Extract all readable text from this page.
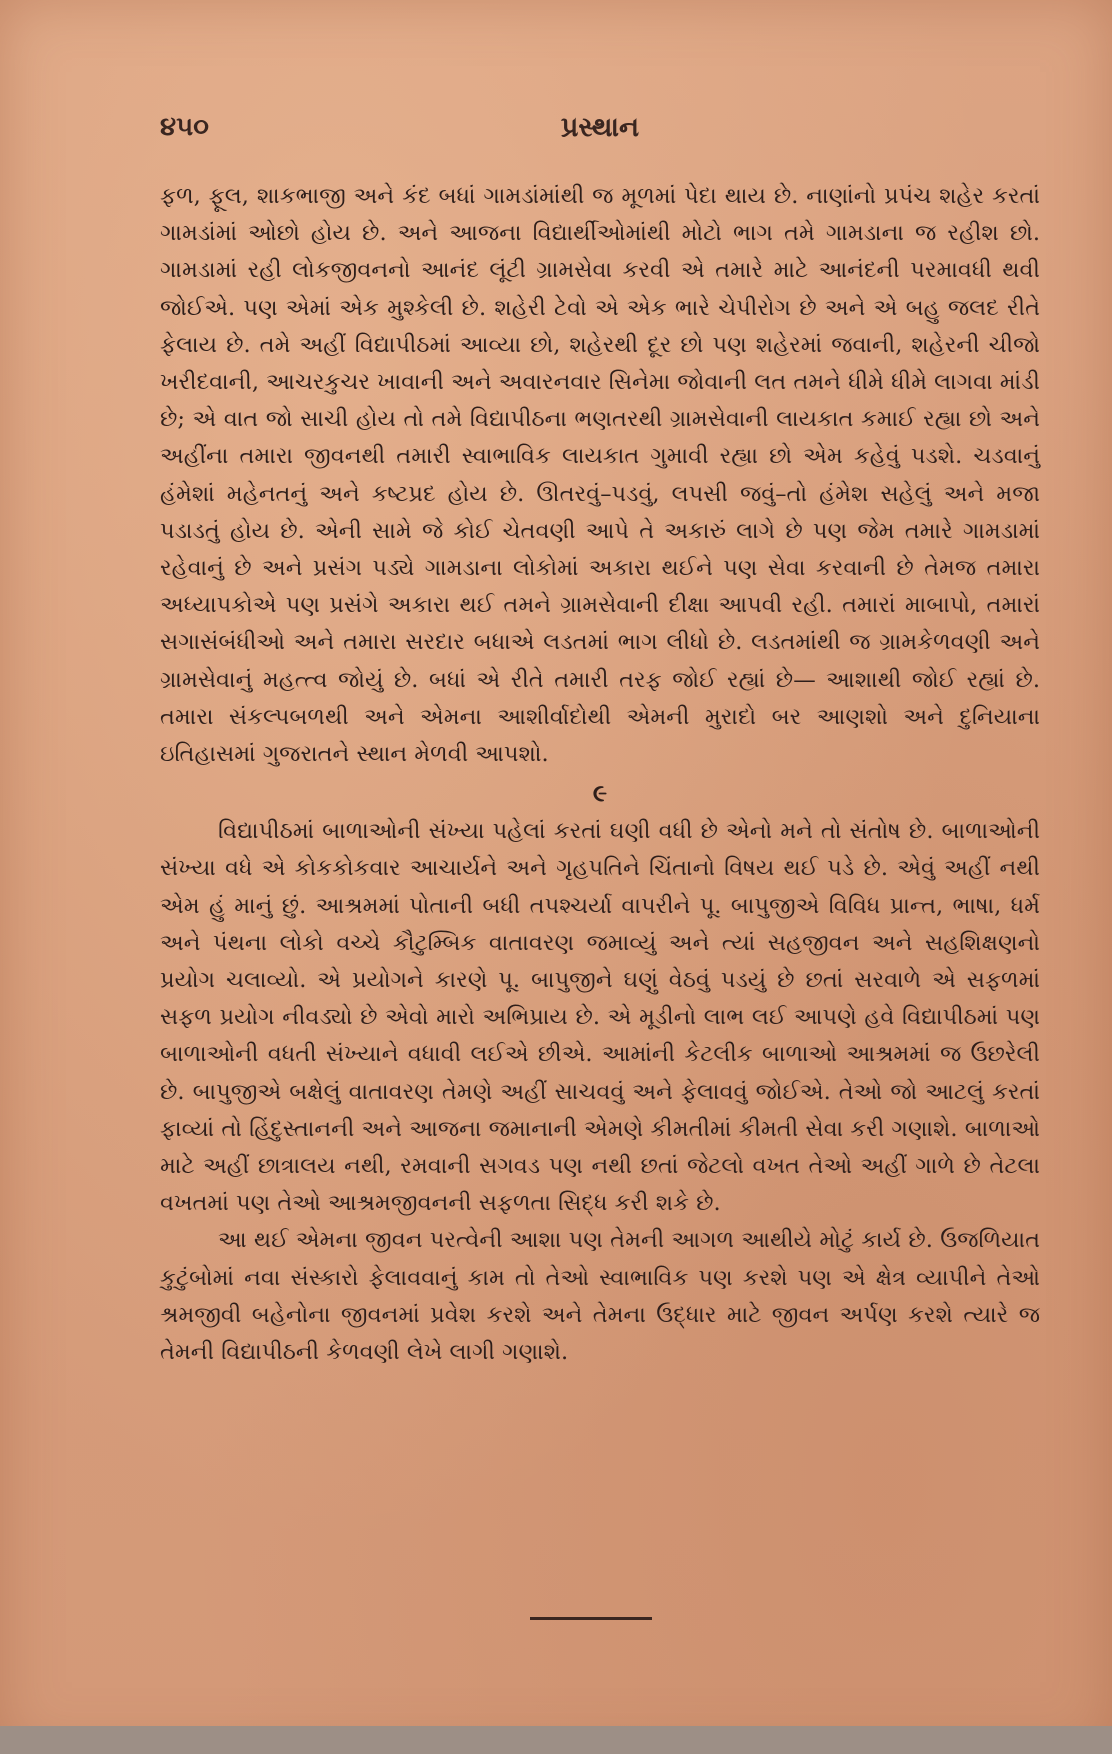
૪૫૦	પ્રસ્થાન

ફળ, ફૂલ, શાકભાજી અને કંદ બધાં ગામડાંમાંથી જ મૂળમાં પેદા થાય છે. નાણાંનો પ્રપંચ શહેર કરતાં ગામડાંમાં ઓછો હોય છે. અને આજના વિદ્યાર્થીઓમાંથી મોટો ભાગ તમે ગામડાના જ રહીશ છો. ગામડામાં રહી લોકજીવનનો આનંદ લૂંટી ગ્રામસેવા કરવી એ તમારે માટે આનંદની પરમાવધી થવી જોઈએ. પણ એમાં એક મુશ્કેલી છે. શહેરી ટેવો એ એક ભારે ચેપીરોગ છે અને એ બહુ જલદ રીતે ફેલાય છે. તમે અહીં વિદ્યાપીઠમાં આવ્યા છો, શહેરથી દૂર છો પણ શહેરમાં જવાની, શહેરની ચીજો ખરીદવાની, આચરકુચર ખાવાની અને અવારનવાર સિનેમા જોવાની લત તમને ધીમે ધીમે લાગવા માંડી છે; એ વાત જો સાચી હોય તો તમે વિદ્યાપીઠના ભણતરથી ગ્રામસેવાની લાયકાત કમાઈ રહ્યા છો અને અહીંના તમારા જીવનથી તમારી સ્વાભાવિક લાયકાત ગુમાવી રહ્યા છો એમ કહેવું પડશે. ચડવાનું હંમેશાં મહેનતનું અને કષ્ટપ્રદ હોય છે. ઊતરવું–પડવું, લપસી જવું–તો હંમેશ સહેલું અને મજા પડાડતું હોય છે. એની સામે જે કોઈ ચેતવણી આપે તે અકારું લાગે છે પણ જેમ તમારે ગામડામાં રહેવાનું છે અને પ્રસંગ પડ્યે ગામડાના લોકોમાં અકારા થઈને પણ સેવા કરવાની છે તેમજ તમારા અધ્યાપકોએ પણ પ્રસંગે અકારા થઈ તમને ગ્રામસેવાની દીક્ષા આપવી રહી. તમારાં માબાપો, તમારાં સગાસંબંધીઓ અને તમારા સરદાર બધાએ લડતમાં ભાગ લીધો છે. લડતમાંથી જ ગ્રામકેળવણી અને ગ્રામસેવાનું મહત્ત્વ જોયું છે. બધાં એ રીતે તમારી તરફ જોઈ રહ્યાં છે— આશાથી જોઈ રહ્યાં છે. તમારા સંકલ્પબળથી અને એમના આશીર્વાદોથી એમની મુરાદો બર આણશો અને દુનિયાના ઇતિહાસમાં ગુજરાતને સ્થાન મેળવી આપશો.

૯

વિદ્યાપીઠમાં બાળાઓની સંખ્યા પહેલાં કરતાં ઘણી વધી છે એનો મને તો સંતોષ છે. બાળાઓની સંખ્યા વધે એ કોકકોકવાર આચાર્યને અને ગૃહપતિને ચિંતાનો વિષય થઈ પડે છે. એવું અહીં નથી એમ હું માનું છું. આશ્રમમાં પોતાની બધી તપશ્ચર્યા વાપરીને પૂ. બાપુજીએ વિવિધ પ્રાન્ત, ભાષા, ધર્મ અને પંથના લોકો વચ્ચે કૌટુમ્બિક વાતાવરણ જમાવ્યું અને ત્યાં સહજીવન અને સહશિક્ષણનો પ્રયોગ ચલાવ્યો. એ પ્રયોગને કારણે પૂ. બાપુજીને ઘણું વેઠવું પડયું છે છતાં સરવાળે એ સફળમાં સફળ પ્રયોગ નીવડ્યો છે એવો મારો અભિપ્રાય છે. એ મૂડીનો લાભ લઈ આપણે હવે વિદ્યાપીઠમાં પણ બાળાઓની વધતી સંખ્યાને વધાવી લઈએ છીએ. આમાંની કેટલીક બાળાઓ આશ્રમમાં જ ઉછરેલી છે. બાપુજીએ બક્ષેલું વાતાવરણ તેમણે અહીં સાચવવું અને ફેલાવવું જોઈએ. તેઓ જો આટલું કરતાં ફાવ્યાં તો હિંદુસ્તાનની અને આજના જમાનાની એમણે કીમતીમાં કીમતી સેવા કરી ગણાશે. બાળાઓ માટે અહીં છાત્રાલય નથી, રમવાની સગવડ પણ નથી છતાં જેટલો વખત તેઓ અહીં ગાળે છે તેટલા વખતમાં પણ તેઓ આશ્રમજીવનની સફળતા સિદ્ધ કરી શકે છે.

આ થઈ એમના જીવન પરત્વેની આશા પણ તેમની આગળ આથીયે મોટું કાર્ય છે. ઉજળિયાત કુટુંબોમાં નવા સંસ્કારો ફેલાવવાનું કામ તો તેઓ સ્વાભાવિક પણ કરશે પણ એ ક્ષેત્ર વ્યાપીને તેઓ શ્રમજીવી બહેનોના જીવનમાં પ્રવેશ કરશે અને તેમના ઉદ્ધાર માટે જીવન અર્પણ કરશે ત્યારે જ તેમની વિદ્યાપીઠની કેળવણી લેખે લાગી ગણાશે.
